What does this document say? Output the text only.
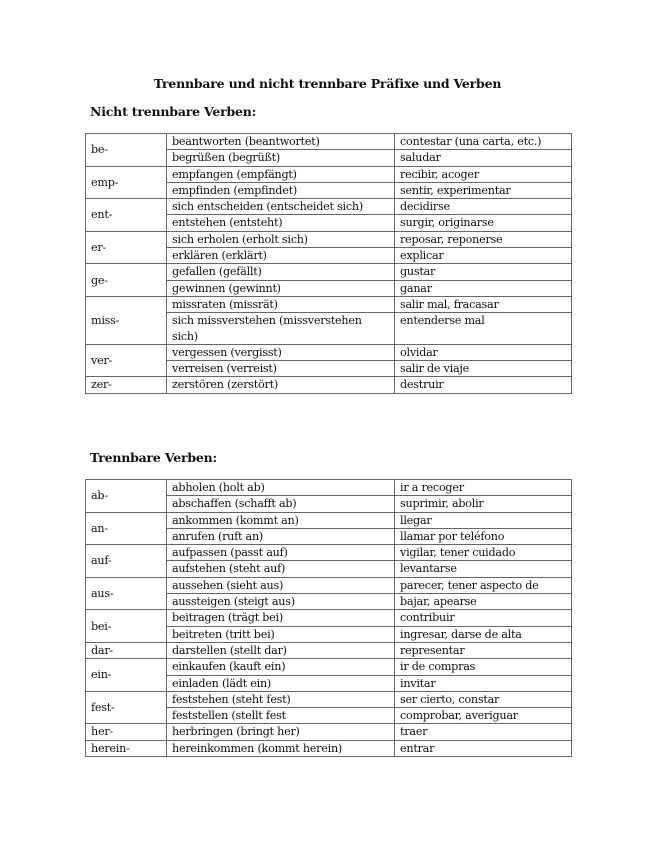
Trennbare und nicht trennbare Präfixe und Verben
Nicht trennbare Verben:
be-	beantworten (beantwortet)	contestar (una carta, etc.)
	begrüßen (begrüßt)	saludar
emp-	empfangen (empfängt)	recibir, acoger
	empfinden (empfindet)	sentir, experimentar
ent-	sich entscheiden (entscheidet sich)	decidirse
	entstehen (entsteht)	surgir, originarse
er-	sich erholen (erholt sich)	reposar, reponerse
	erklären (erklärt)	explicar
ge-	gefallen (gefällt)	gustar
	gewinnen (gewinnt)	ganar
miss-	missraten (missrät)	salir mal, fracasar
	sich missverstehen (missverstehen sich)	entenderse mal
ver-	vergessen (vergisst)	olvidar
	verreisen (verreist)	salir de viaje
zer-	zerstören (zerstört)	destruir
Trennbare Verben:
ab-	abholen (holt ab)	ir a recoger
	abschaffen (schafft ab)	suprimir, abolir
an-	ankommen (kommt an)	llegar
	anrufen (ruft an)	llamar por teléfono
auf-	aufpassen (passt auf)	vigilar, tener cuidado
	aufstehen (steht auf)	levantarse
aus-	aussehen (sieht aus)	parecer, tener aspecto de
	aussteigen (steigt aus)	bajar, apearse
bei-	beitragen (trägt bei)	contribuir
	beitreten (tritt bei)	ingresar, darse de alta
dar-	darstellen (stellt dar)	representar
ein-	einkaufen (kauft ein)	ir de compras
	einladen (lädt ein)	invitar
fest-	feststehen (steht fest)	ser cierto, constar
	feststellen (stellt fest	comprobar, averiguar
her-	herbringen (bringt her)	traer
herein-	hereinkommen (kommt herein)	entrar
